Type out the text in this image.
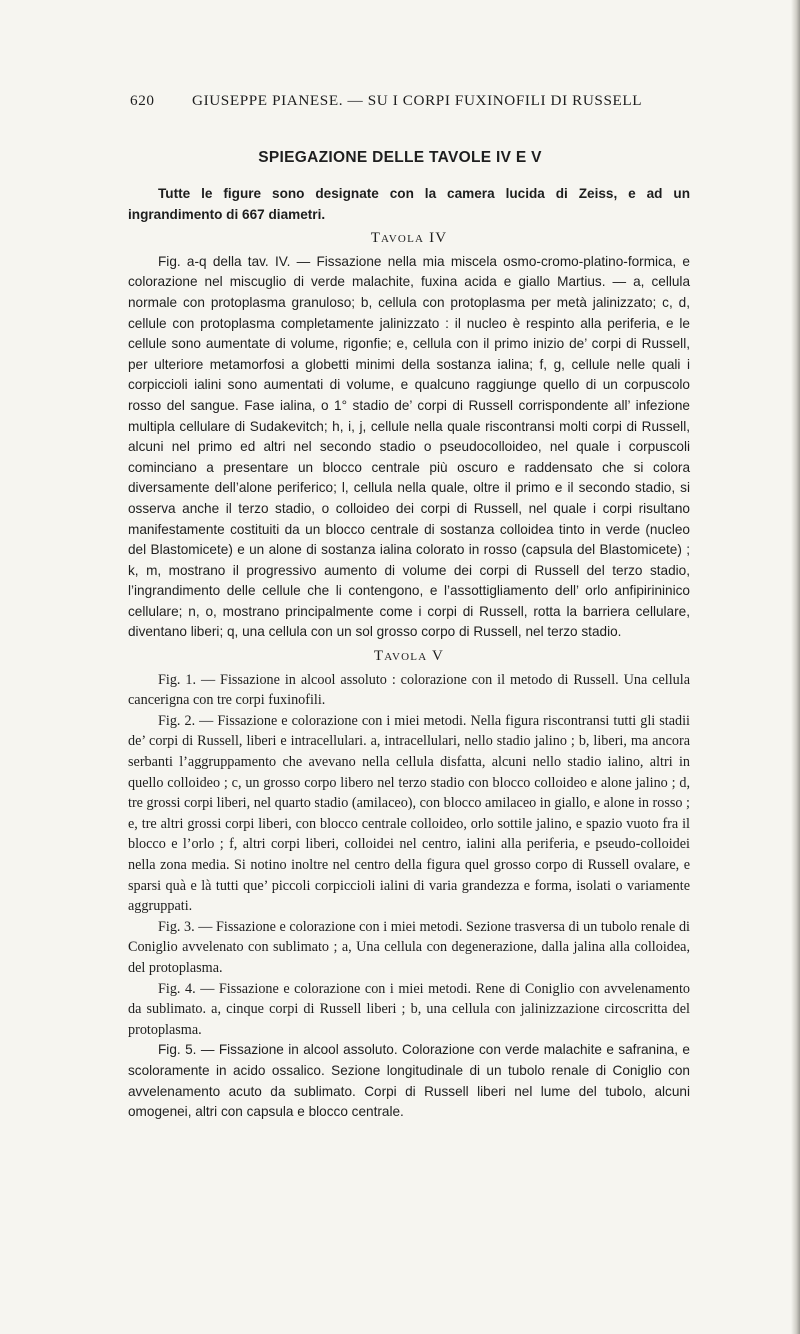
620	GIUSEPPE PIANESE. — SU I CORPI FUXINOFILI DI RUSSELL
SPIEGAZIONE DELLE TAVOLE IV E V

Tutte le figure sono designate con la camera lucida di Zeiss, e ad un ingrandimento di 667 diametri.

Tavola IV

Fig. a-q della tav. IV. — Fissazione nella mia miscela osmo-cromo-platino-formica, e colorazione nel miscuglio di verde malachite, fuxina acida e giallo Martius. — a, cellula normale con protoplasma granuloso; b, cellula con protoplasma per metà jalinizzato; c, d, cellule con protoplasma completamente jalinizzato : il nucleo è respinto alla periferia, e le cellule sono aumentate di volume, rigonfie; e, cellula con il primo inizio de’ corpi di Russell, per ulteriore metamorfosi a globetti minimi della sostanza ialina; f, g, cellule nelle quali i corpiccioli ialini sono aumentati di volume, e qualcuno raggiunge quello di un corpuscolo rosso del sangue. Fase ialina, o 1° stadio de’ corpi di Russell corrispondente all’ infezione multipla cellulare di Sudakevitch; h, i, j, cellule nella quale riscontransi molti corpi di Russell, alcuni nel primo ed altri nel secondo stadio o pseudocolloideo, nel quale i corpuscoli cominciano a presentare un blocco centrale più oscuro e raddensato che si colora diversamente dell’alone periferico; l, cellula nella quale, oltre il primo e il secondo stadio, si osserva anche il terzo stadio, o colloideo dei corpi di Russell, nel quale i corpi risultano manifestamente costituiti da un blocco centrale di sostanza colloidea tinto in verde (nucleo del Blastomicete) e un alone di sostanza ialina colorato in rosso (capsula del Blastomicete) ; k, m, mostrano il progressivo aumento di volume dei corpi di Russell del terzo stadio, l’ingrandimento delle cellule che li contengono, e l’assottigliamento dell’ orlo anfipirininico cellulare; n, o, mostrano principalmente come i corpi di Russell, rotta la barriera cellulare, diventano liberi; q, una cellula con un sol grosso corpo di Russell, nel terzo stadio.

Tavola V

Fig. 1. — Fissazione in alcool assoluto : colorazione con il metodo di Russell. Una cellula cancerigna con tre corpi fuxinofili.

Fig. 2. — Fissazione e colorazione con i miei metodi. Nella figura riscontransi tutti gli stadii de’ corpi di Russell, liberi e intracellulari. a, intracellulari, nello stadio jalino ; b, liberi, ma ancora serbanti l’aggruppamento che avevano nella cellula disfatta, alcuni nello stadio ialino, altri in quello colloideo ; c, un grosso corpo libero nel terzo stadio con blocco colloideo e alone jalino ; d, tre grossi corpi liberi, nel quarto stadio (amilaceo), con blocco amilaceo in giallo, e alone in rosso ; e, tre altri grossi corpi liberi, con blocco centrale colloideo, orlo sottile jalino, e spazio vuoto fra il blocco e l’orlo ; f, altri corpi liberi, colloidei nel centro, ialini alla periferia, e pseudo-colloidei nella zona media. Si notino inoltre nel centro della figura quel grosso corpo di Russell ovalare, e sparsi quà e là tutti que’ piccoli corpiccioli ialini di varia grandezza e forma, isolati o variamente aggruppati.

Fig. 3. — Fissazione e colorazione con i miei metodi. Sezione trasversa di un tubolo renale di Coniglio avvelenato con sublimato ; a, Una cellula con degenerazione, dalla jalina alla colloidea, del protoplasma.

Fig. 4. — Fissazione e colorazione con i miei metodi. Rene di Coniglio con avvelenamento da sublimato. a, cinque corpi di Russell liberi ; b, una cellula con jalinizzazione circoscritta del protoplasma.

Fig. 5. — Fissazione in alcool assoluto. Colorazione con verde malachite e safranina, e scoloramente in acido ossalico. Sezione longitudinale di un tubolo renale di Coniglio con avvelenamento acuto da sublimato. Corpi di Russell liberi nel lume del tubolo, alcuni omogenei, altri con capsula e blocco centrale.
